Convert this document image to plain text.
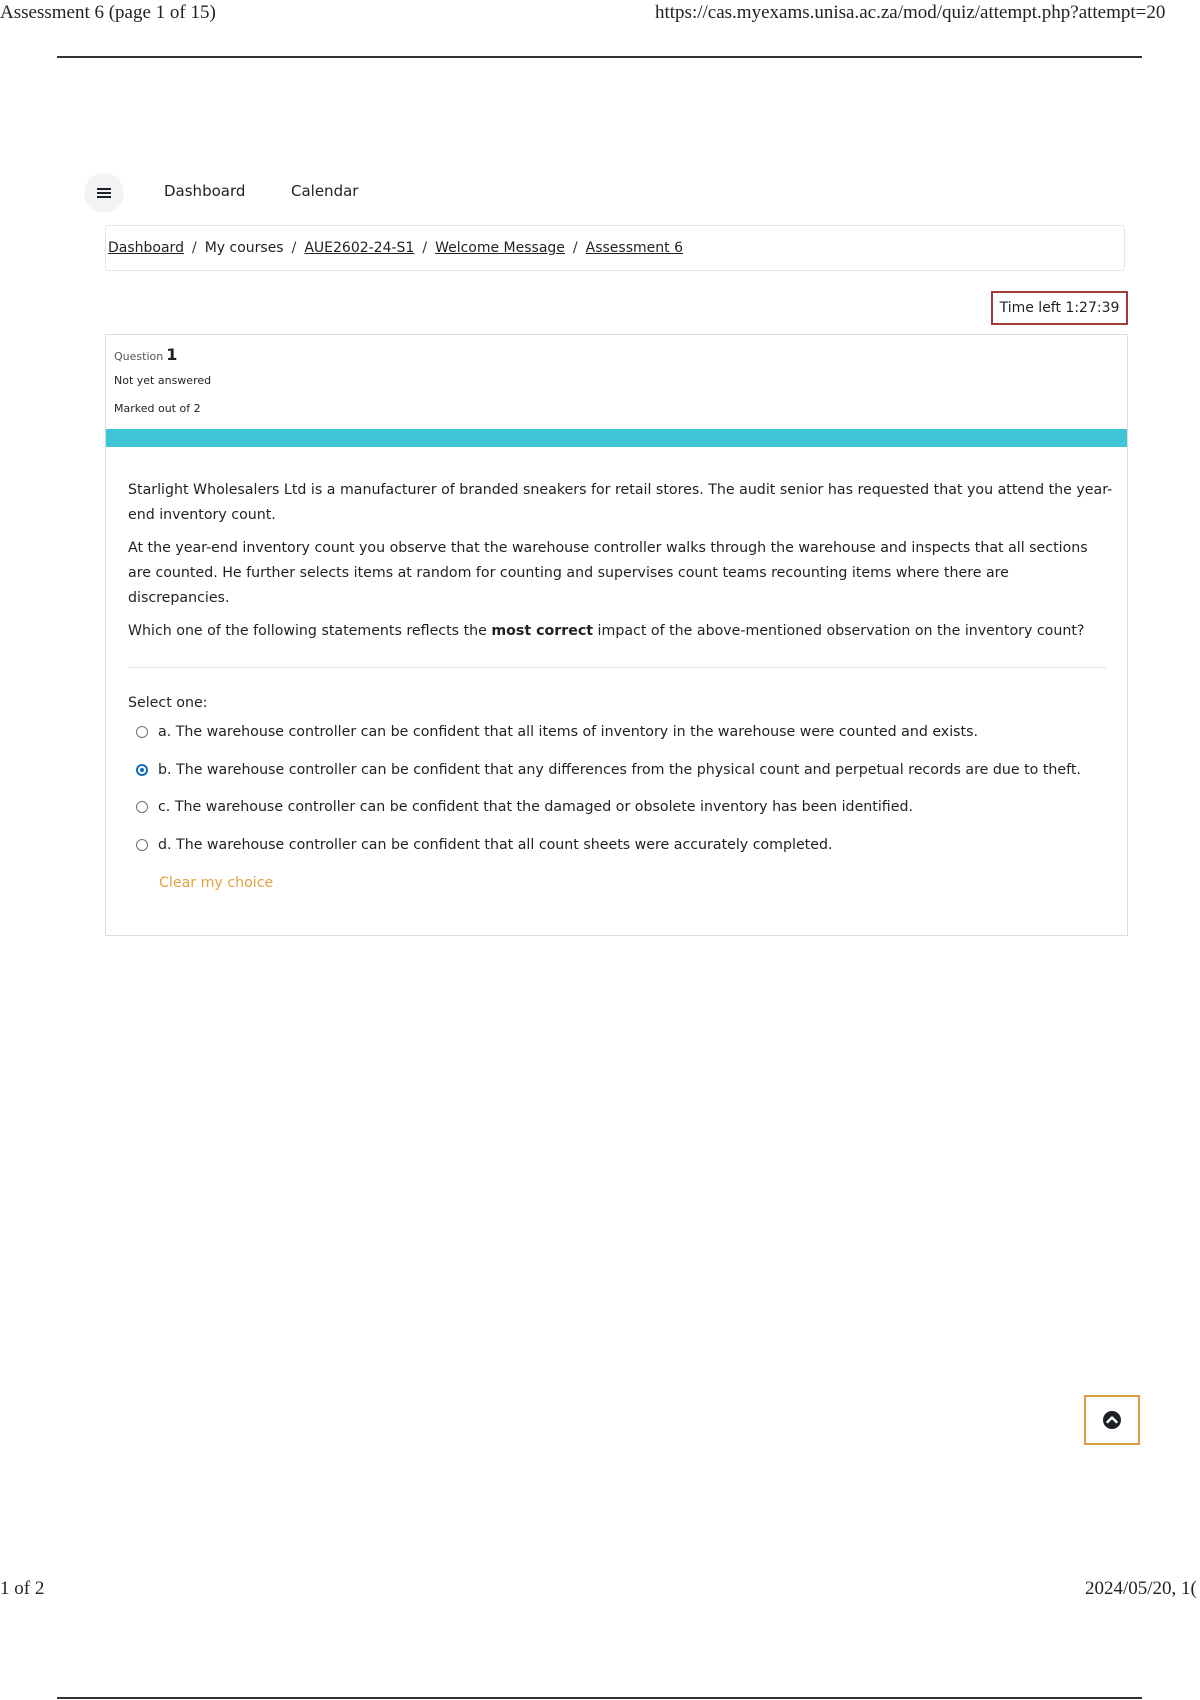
Assessment 6 (page 1 of 15)	https://cas.myexams.unisa.ac.za/mod/quiz/attempt.php?attempt=20
Dashboard	Calendar
Dashboard / My courses / AUE2602-24-S1 / Welcome Message / Assessment 6
Time left 1:27:39
Question 1
Not yet answered
Marked out of 2

Starlight Wholesalers Ltd is a manufacturer of branded sneakers for retail stores. The audit senior has requested that you attend the year-end inventory count.

At the year-end inventory count you observe that the warehouse controller walks through the warehouse and inspects that all sections are counted. He further selects items at random for counting and supervises count teams recounting items where there are discrepancies.

Which one of the following statements reflects the most correct impact of the above-mentioned observation on the inventory count?

Select one:
a.
The warehouse controller can be confident that all items of inventory in the warehouse were counted and exists.
b.
The warehouse controller can be confident that any differences from the physical count and perpetual records are due to theft.
c.
The warehouse controller can be confident that the damaged or obsolete inventory has been identified.
d.
The warehouse controller can be confident that all count sheets were accurately completed.
Clear my choice
1 of 2	2024/05/20, 1(
